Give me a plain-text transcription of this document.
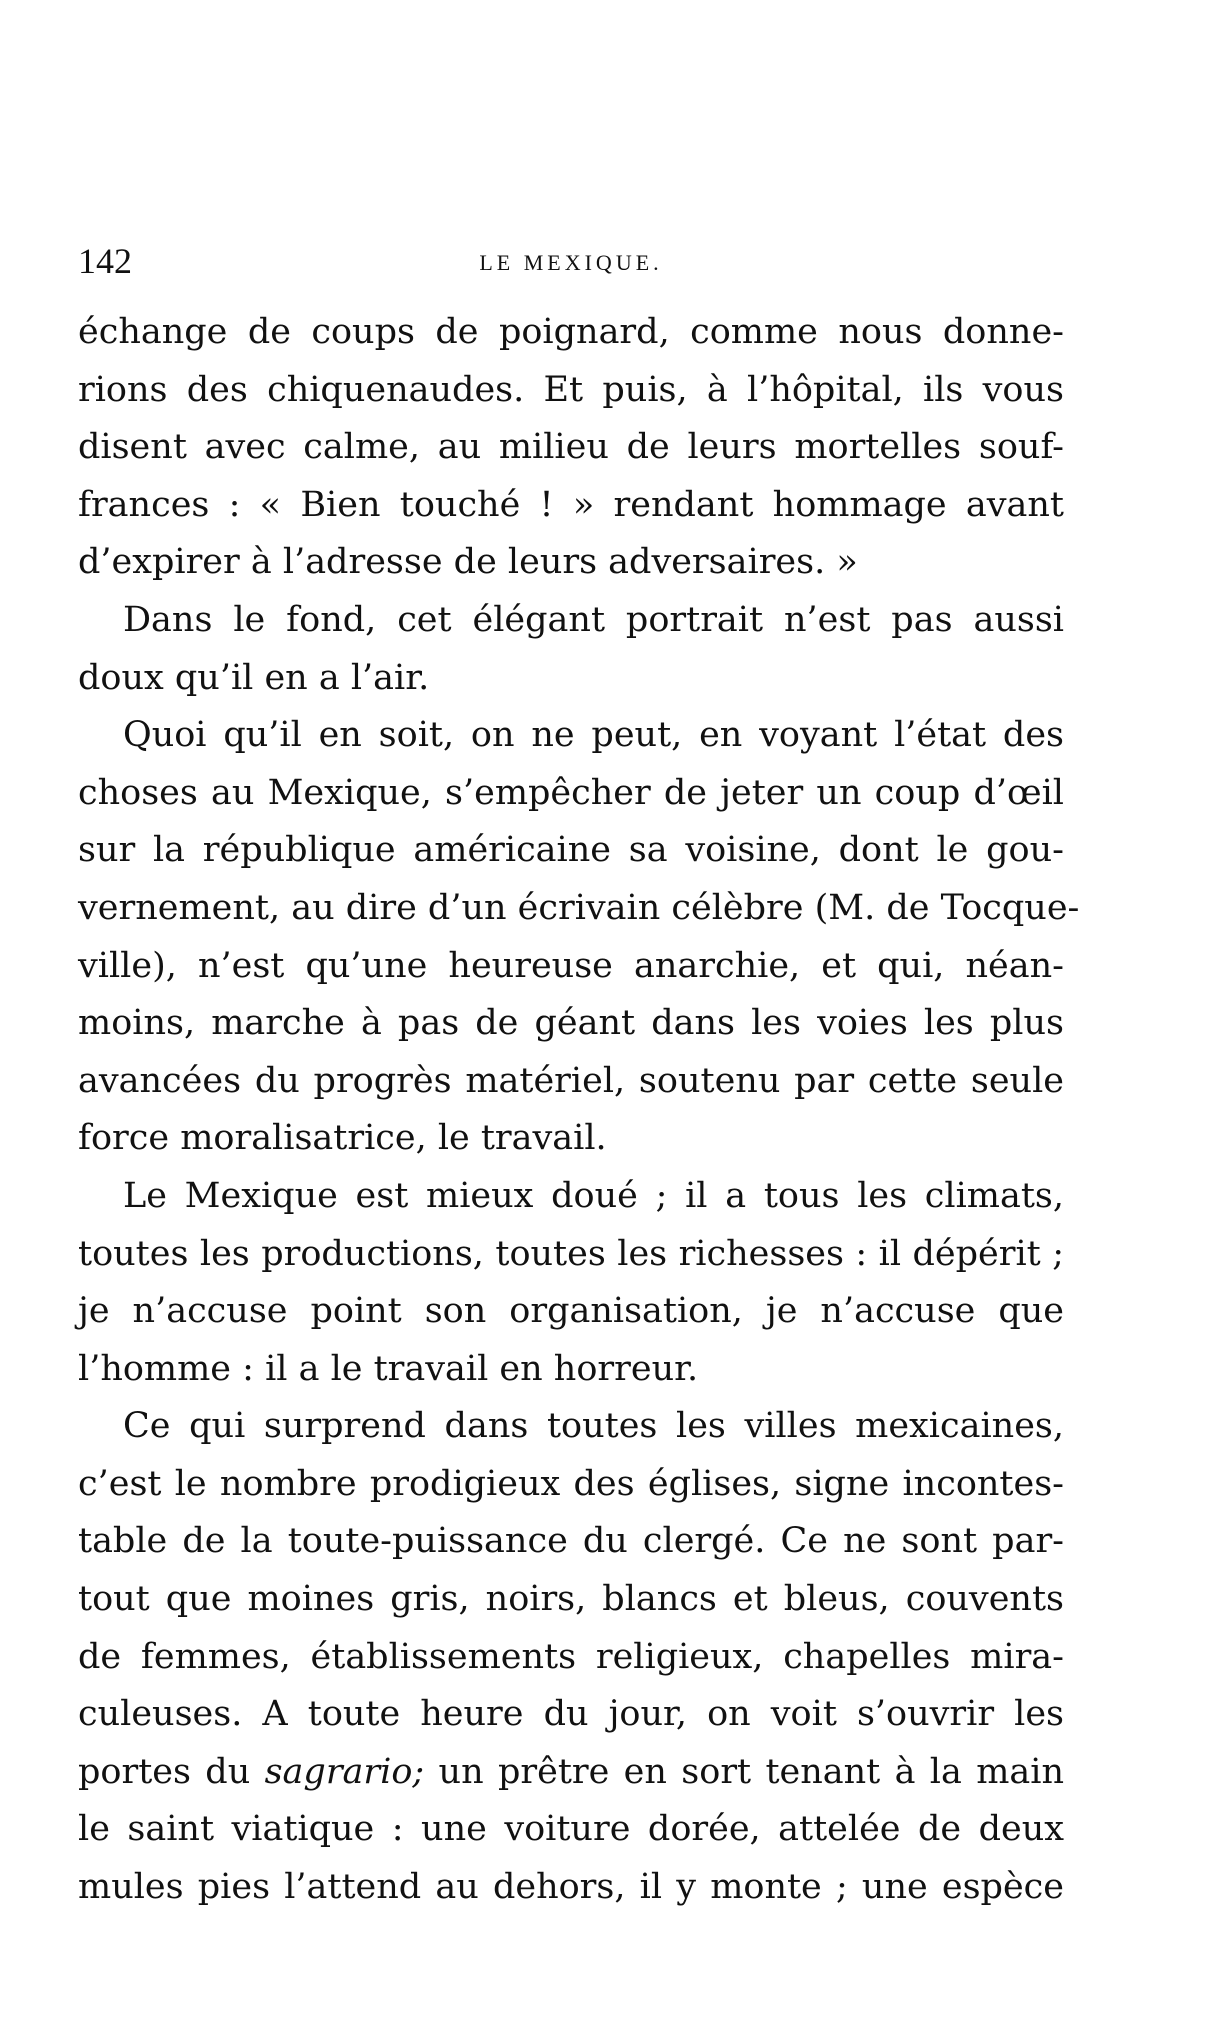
142	LE MEXIQUE.

échange de coups de poignard, comme nous donne-
rions des chiquenaudes. Et puis, à l’hôpital, ils vous
disent avec calme, au milieu de leurs mortelles souf-
frances : « Bien touché ! » rendant hommage avant
d’expirer à l’adresse de leurs adversaires. »

Dans le fond, cet élégant portrait n’est pas aussi
doux qu’il en a l’air.

Quoi qu’il en soit, on ne peut, en voyant l’état des
choses au Mexique, s’empêcher de jeter un coup d’œil
sur la république américaine sa voisine, dont le gou-
vernement, au dire d’un écrivain célèbre (M. de Tocque-
ville), n’est qu’une heureuse anarchie, et qui, néan-
moins, marche à pas de géant dans les voies les plus
avancées du progrès matériel, soutenu par cette seule
force moralisatrice, le travail.

Le Mexique est mieux doué ; il a tous les climats,
toutes les productions, toutes les richesses : il dépérit ;
je n’accuse point son organisation, je n’accuse que
l’homme : il a le travail en horreur.

Ce qui surprend dans toutes les villes mexicaines,
c’est le nombre prodigieux des églises, signe incontes-
table de la toute-puissance du clergé. Ce ne sont par-
tout que moines gris, noirs, blancs et bleus, couvents
de femmes, établissements religieux, chapelles mira-
culeuses. A toute heure du jour, on voit s’ouvrir les
portes du sagrario; un prêtre en sort tenant à la main
le saint viatique : une voiture dorée, attelée de deux
mules pies l’attend au dehors, il y monte ; une espèce
